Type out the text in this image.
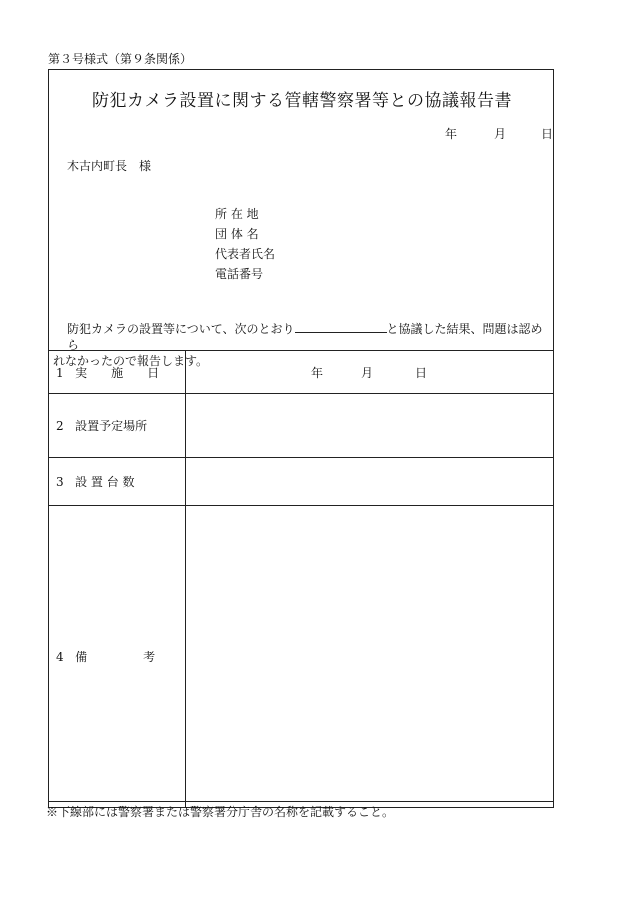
第３号様式（第９条関係）
防犯カメラ設置に関する管轄警察署等との協議報告書
年	月	日
木古内町長　様
所 在 地
団 体 名
代表者氏名
電話番号
防犯カメラの設置等について、次のとおり	と協議した結果、問題は認めら
れなかったので報告します。
1 実　　施　　日	年 月 日
2 設置予定場所	
3 設 置 台 数	
4 備 考	
※下線部には警察署または警察署分庁舎の名称を記載すること。
